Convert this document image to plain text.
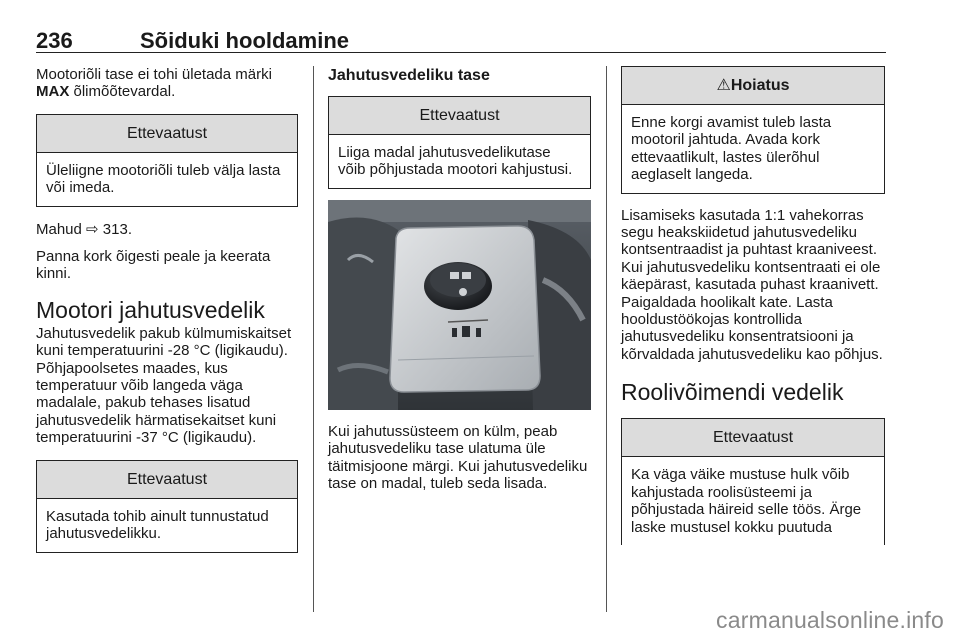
236	Sõiduki hooldamine

Mootoriõli tase ei tohi ületada märki
MAX õlimõõtevardal.

Ettevaatust
Üleliigne mootoriõli tuleb välja lasta või imeda.

Mahud ⇨ 313.

Panna kork õigesti peale ja keerata kinni.

Mootori jahutusvedelik

Jahutusvedelik pakub külmumiskaitset kuni temperatuurini -28 °C (ligikaudu). Põhjapoolsetes maades, kus temperatuur võib langeda väga madalale, pakub tehases lisatud jahutusvedelik härmatisekaitset kuni temperatuurini -37 °C (ligikaudu).

Ettevaatust
Kasutada tohib ainult tunnustatud jahutusvedelikku.
Jahutusvedeliku tase
Ettevaatust
Liiga madal jahutusvedelikutase võib põhjustada mootori kahjustusi.

Kui jahutussüsteem on külm, peab jahutusvedeliku tase ulatuma üle täitmisjoone märgi. Kui jahutusvedeliku tase on madal, tuleb seda lisada.

⚠Hoiatus
Enne korgi avamist tuleb lasta mootoril jahtuda. Avada kork ettevaatlikult, lastes ülerõhul aeglaselt langeda.

Lisamiseks kasutada 1:1 vahekorras segu heakskiidetud jahutusvedeliku kontsentraadist ja puhtast kraaniveest. Kui jahutusvedeliku kontsentraati ei ole käepärast, kasutada puhast kraanivett. Paigaldada hoolikalt kate. Lasta hooldustöökojas kontrollida jahutusvedeliku konsentratsiooni ja kõrvaldada jahutusvedeliku kao põhjus.

Roolivõimendi vedelik
Ettevaatust
Ka väga väike mustuse hulk võib kahjustada roolisüsteemi ja põhjustada häireid selle töös. Ärge laske mustusel kokku puutuda
carmanualsonline.info
